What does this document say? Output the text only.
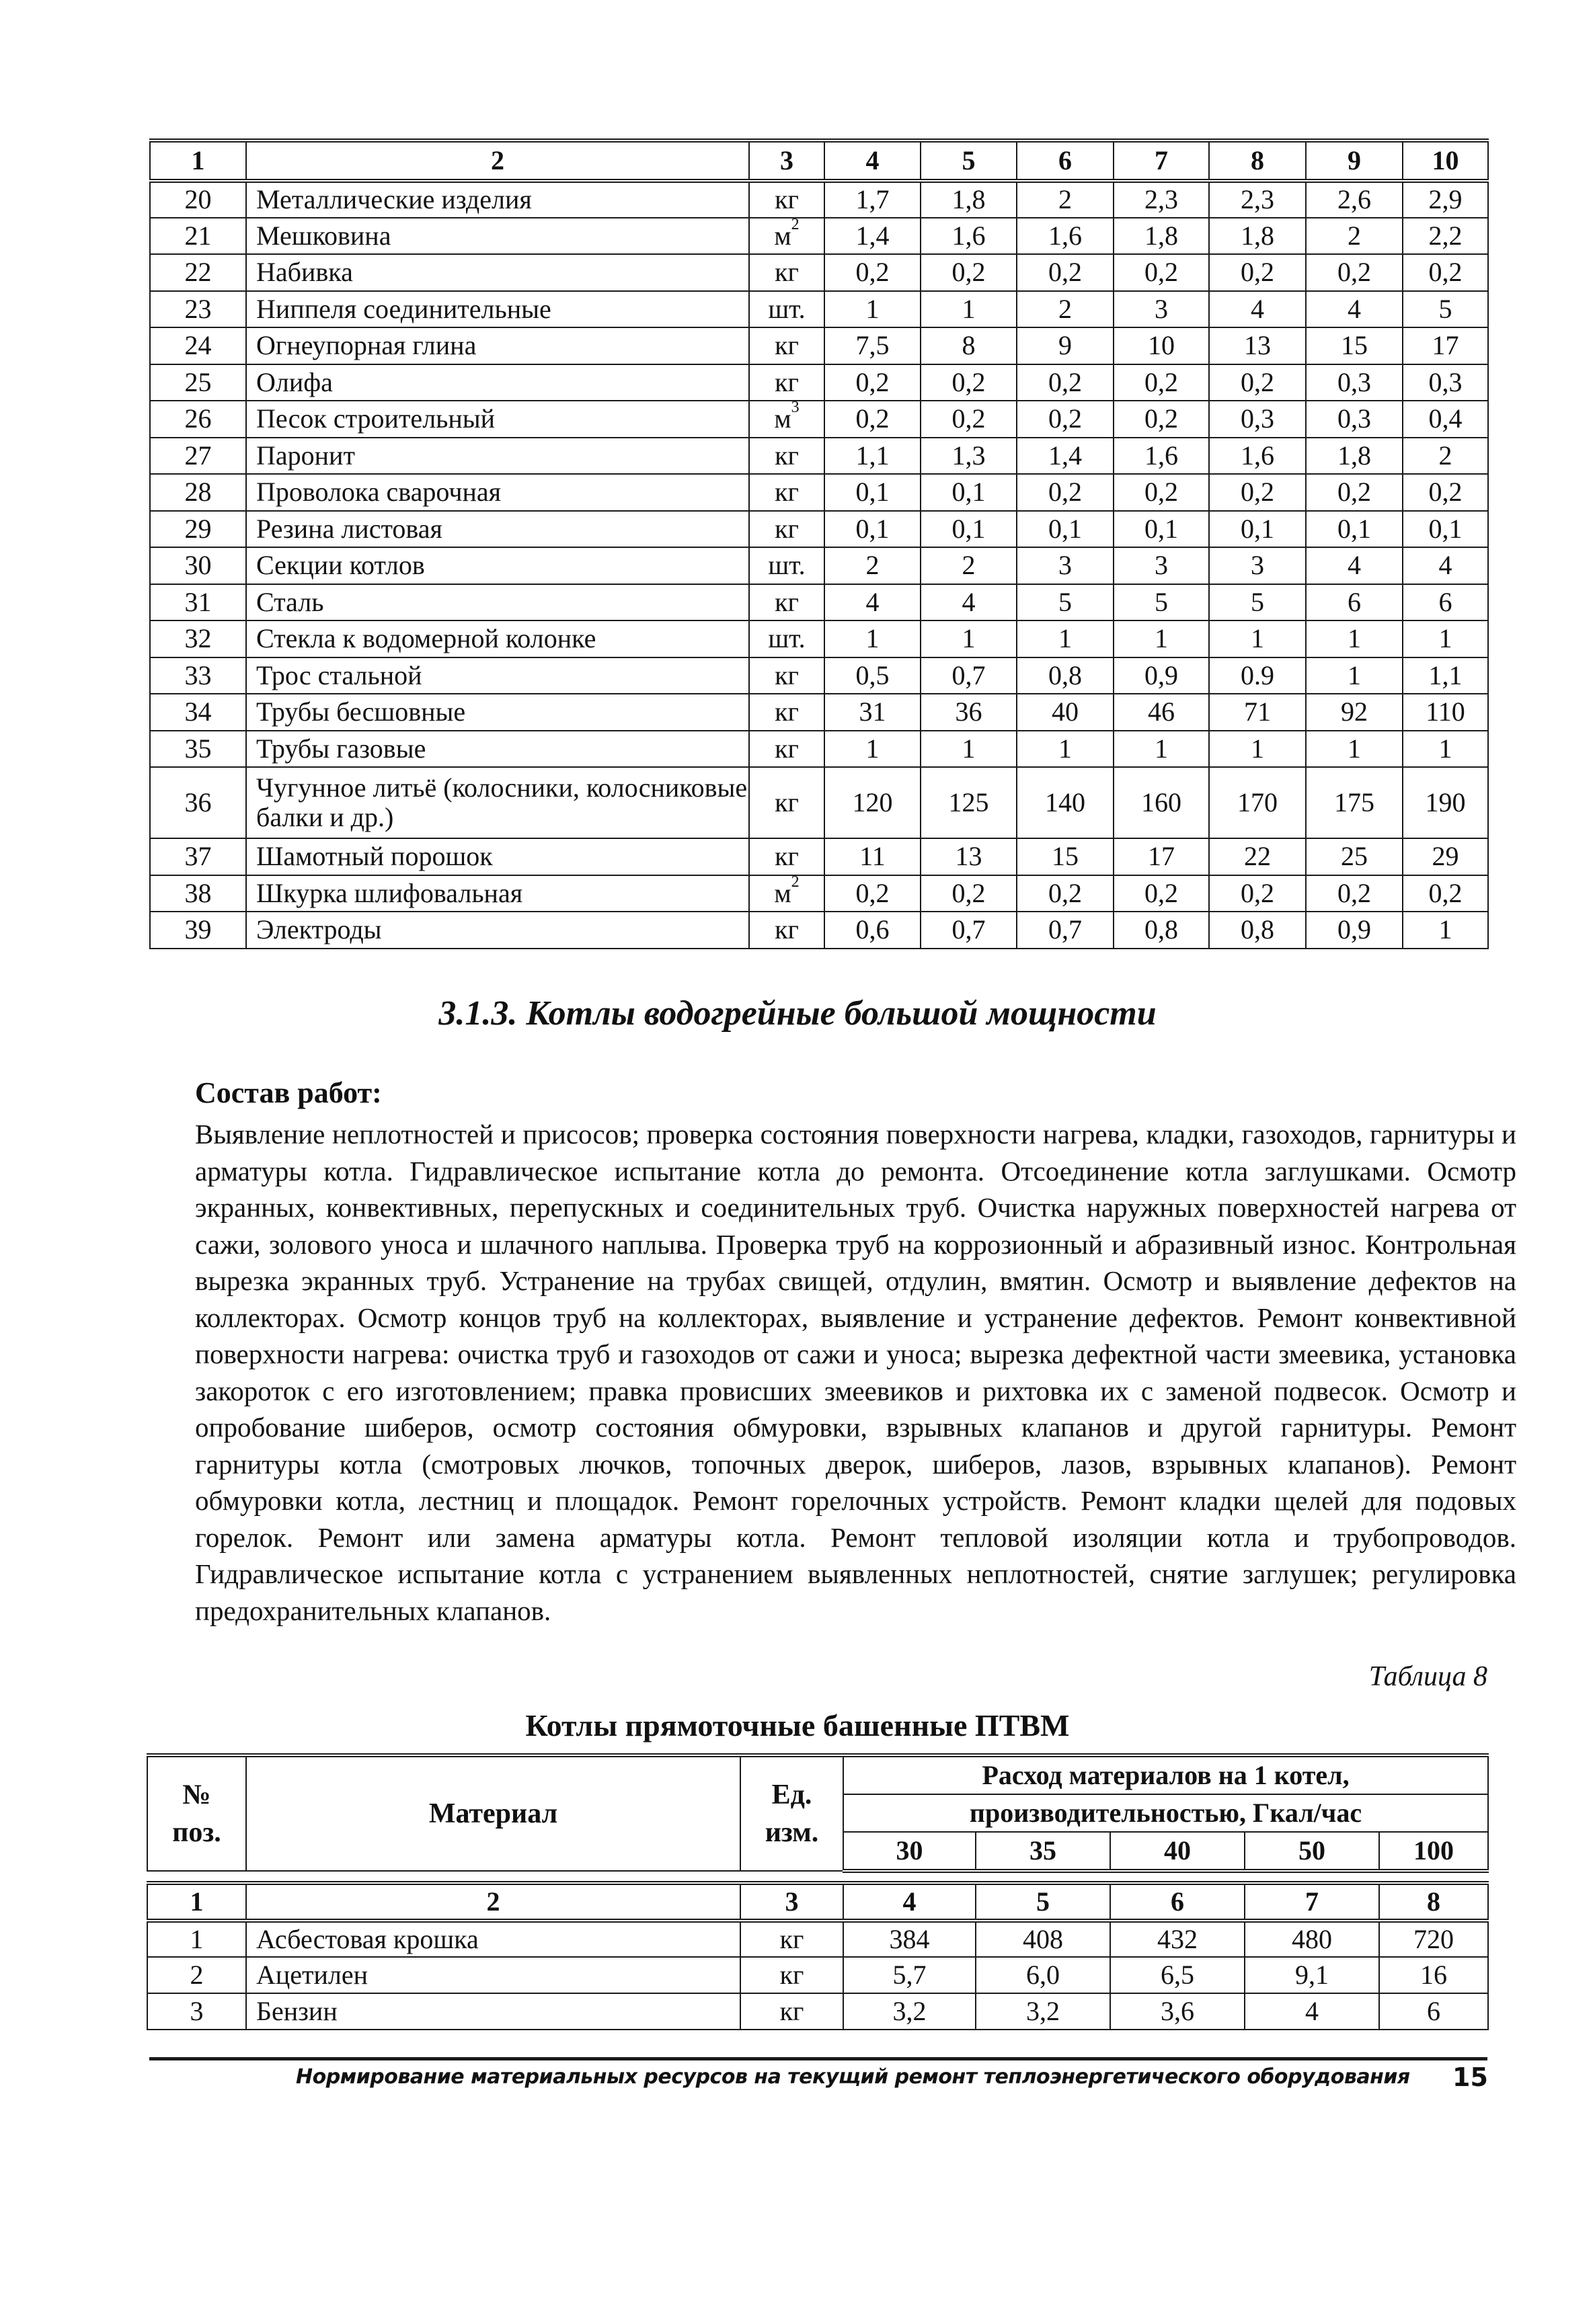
1	2	3	4	5	6	7	8	9	10
20	Металлические изделия	кг	1,7	1,8	2	2,3	2,3	2,6	2,9
21	Мешковина	$м^2$	1,4	1,6	1,6	1,8	1,8	2	2,2
22	Набивка	кг	0,2	0,2	0,2	0,2	0,2	0,2	0,2
23	Ниппеля соединительные	шт.	1	1	2	3	4	4	5
24	Огнеупорная глина	кг	7,5	8	9	10	13	15	17
25	Олифа	кг	0,2	0,2	0,2	0,2	0,2	0,3	0,3
26	Песок строительный	$м^3$	0,2	0,2	0,2	0,2	0,3	0,3	0,4
27	Паронит	кг	1,1	1,3	1,4	1,6	1,6	1,8	2
28	Проволока сварочная	кг	0,1	0,1	0,2	0,2	0,2	0,2	0,2
29	Резина листовая	кг	0,1	0,1	0,1	0,1	0,1	0,1	0,1
30	Секции котлов	шт.	2	2	3	3	3	4	4
31	Сталь	кг	4	4	5	5	5	6	6
32	Стекла к водомерной колонке	шт.	1	1	1	1	1	1	1
33	Трос стальной	кг	0,5	0,7	0,8	0,9	0.9	1	1,1
34	Трубы бесшовные	кг	31	36	40	46	71	92	110
35	Трубы газовые	кг	1	1	1	1	1	1	1
36	Чугунное литьё (колосники, колосниковые балки и др.)	кг	120	125	140	160	170	175	190
37	Шамотный порошок	кг	11	13	15	17	22	25	29
38	Шкурка шлифовальная	$м^2$	0,2	0,2	0,2	0,2	0,2	0,2	0,2
39	Электроды	кг	0,6	0,7	0,7	0,8	0,8	0,9	1
3.1.3. Котлы водогрейные большой мощности
Состав работ:
Выявление неплотностей и присосов; проверка состояния поверхности нагрева, кладки, газоходов, гарнитуры и арматуры котла. Гидравлическое испытание котла до ремонта. Отсоединение котла заглушками. Осмотр экранных, конвективных, перепускных и соединительных труб. Очистка наружных поверхностей нагрева от сажи, золового уноса и шлачного наплыва. Проверка труб на коррозионный и абразивный износ. Контрольная вырезка экранных труб. Устранение на трубах свищей, отдулин, вмятин. Осмотр и выявление дефектов на коллекторах. Осмотр концов труб на коллекторах, выявление и устранение дефектов. Ремонт конвективной поверхности нагрева: очистка труб и газоходов от сажи и уноса; вырезка дефектной части змеевика, установка закороток с его изготовлением; правка провисших змеевиков и рихтовка их с заменой подвесок. Осмотр и опробование шиберов, осмотр состояния обмуровки, взрывных клапанов и другой гарнитуры. Ремонт гарнитуры котла (смотровых лючков, топочных дверок, шиберов, лазов, взрывных клапанов). Ремонт обмуровки котла, лестниц и площадок. Ремонт горелочных устройств. Ремонт кладки щелей для подовых горелок. Ремонт или замена арматуры котла. Ремонт тепловой изоляции котла и трубопроводов. Гидравлическое испытание котла с устранением выявленных неплотностей, снятие заглушек; регулировка предохранительных клапанов.
Таблица 8
Котлы прямоточные башенные ПТВМ
№
поз.
	Материал	
Ед.
изм.
	Расход материалов на 1 котел,
			производительностью, Гкал/час				
			30	35	40	50	100

1	2	3	4	5	6	7	8
1	Асбестовая крошка	кг	384	408	432	480	720
2	Ацетилен	кг	5,7	6,0	6,5	9,1	16
3	Бензин	кг	3,2	3,2	3,6	4	6
Нормирование материальных ресурсов на текущий ремонт теплоэнергетического оборудования 15
